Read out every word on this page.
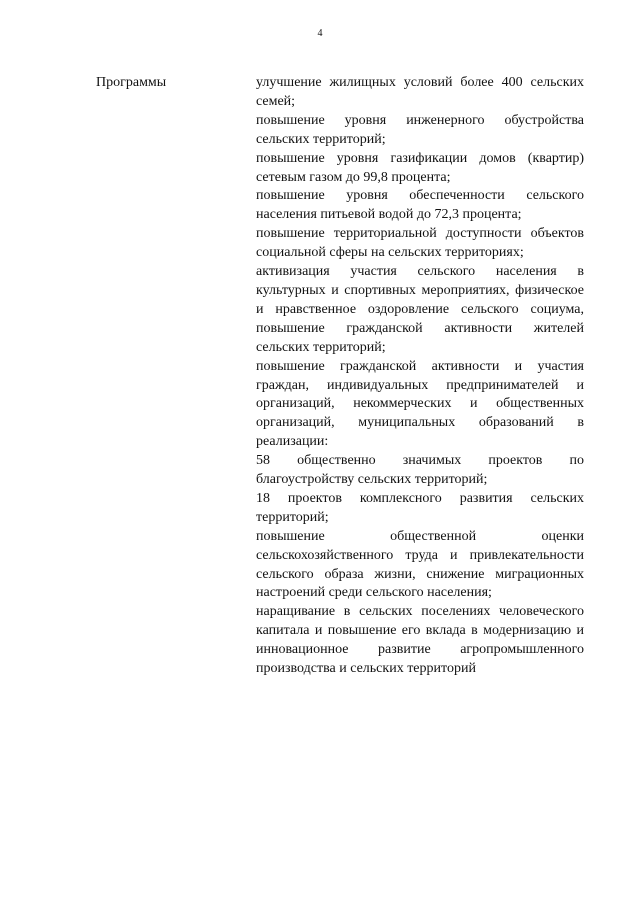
4
Программы	улучшение жилищных условий более 400 сельских семей;

повышение уровня инженерного обустройства сельских территорий;

повышение уровня газификации домов (квартир) сетевым газом до 99,8 процента;

повышение уровня обеспеченности сельского населения питьевой водой до 72,3 процента;

повышение территориальной доступности объектов социальной сферы на сельских территориях;

активизация участия сельского населения в культурных и спортивных мероприятиях, физическое и нравственное оздоровление сельского социума, повышение гражданской активности жителей сельских территорий;

повышение гражданской активности и участия граждан, индивидуальных предпринимателей и организаций, некоммерческих и общественных организаций, муниципальных образований в реализации:

58 общественно значимых проектов по благоустройству сельских территорий;

18 проектов комплексного развития сельских территорий;

повышение общественной оценки сельскохозяйственного труда и привлекательности сельского образа жизни, снижение миграционных настроений среди сельского населения;

наращивание в сельских поселениях человеческого капитала и повышение его вклада в модернизацию и инновационное развитие агропромышленного производства и сельских территорий
